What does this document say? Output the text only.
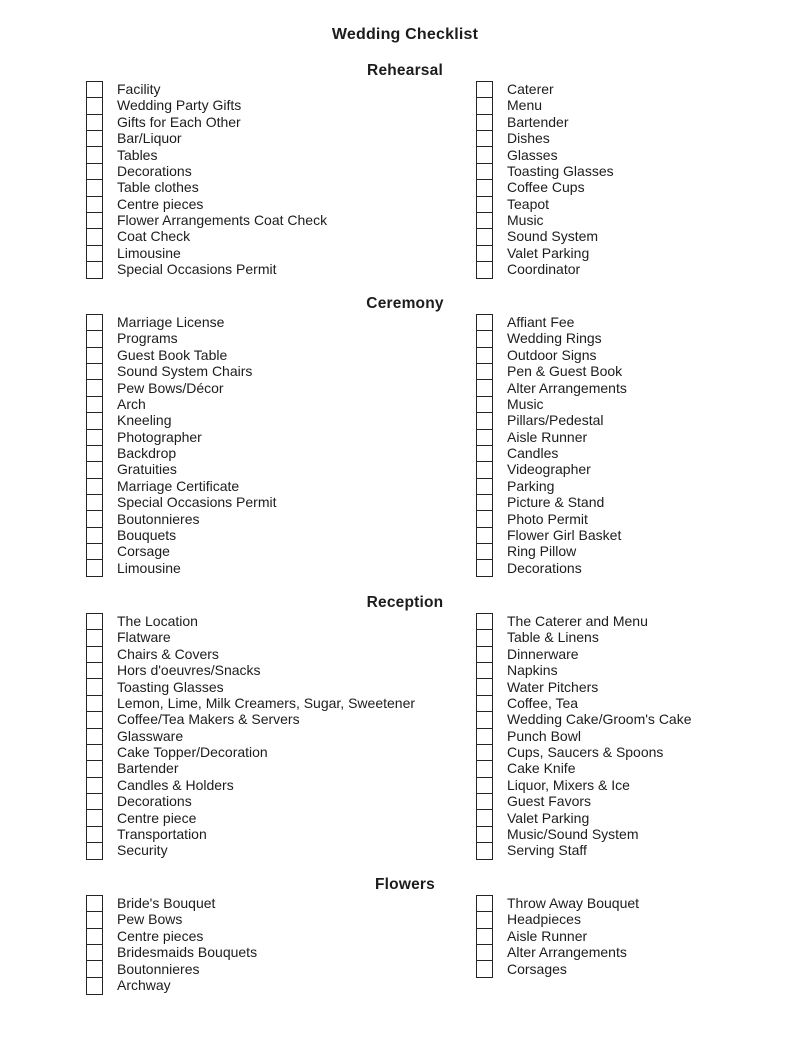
Wedding Checklist
Rehearsal
Facility
Wedding Party Gifts
Gifts for Each Other
Bar/Liquor
Tables
Decorations
Table clothes
Centre pieces
Flower Arrangements Coat Check
Coat Check
Limousine
Special Occasions Permit
Caterer
Menu
Bartender
Dishes
Glasses
Toasting Glasses
Coffee Cups
Teapot
Music
Sound System
Valet Parking
Coordinator
Ceremony
Marriage License
Programs
Guest Book Table
Sound System Chairs
Pew Bows/Décor
Arch
Kneeling
Photographer
Backdrop
Gratuities
Marriage Certificate
Special Occasions Permit
Boutonnieres
Bouquets
Corsage
Limousine
Affiant Fee
Wedding Rings
Outdoor Signs
Pen & Guest Book
Alter Arrangements
Music
Pillars/Pedestal
Aisle Runner
Candles
Videographer
Parking
Picture & Stand
Photo Permit
Flower Girl Basket
Ring Pillow
Decorations
Reception
The Location
Flatware
Chairs & Covers
Hors d'oeuvres/Snacks
Toasting Glasses
Lemon, Lime, Milk Creamers, Sugar, Sweetener
Coffee/Tea Makers & Servers
Glassware
Cake Topper/Decoration
Bartender
Candles & Holders
Decorations
Centre piece
Transportation
Security
The Caterer and Menu
Table & Linens
Dinnerware
Napkins
Water Pitchers
Coffee, Tea
Wedding Cake/Groom's Cake
Punch Bowl
Cups, Saucers & Spoons
Cake Knife
Liquor, Mixers & Ice
Guest Favors
Valet Parking
Music/Sound System
Serving Staff
Flowers
Bride's Bouquet
Pew Bows
Centre pieces
Bridesmaids Bouquets
Boutonnieres
Archway
Throw Away Bouquet
Headpieces
Aisle Runner
Alter Arrangements
Corsages
